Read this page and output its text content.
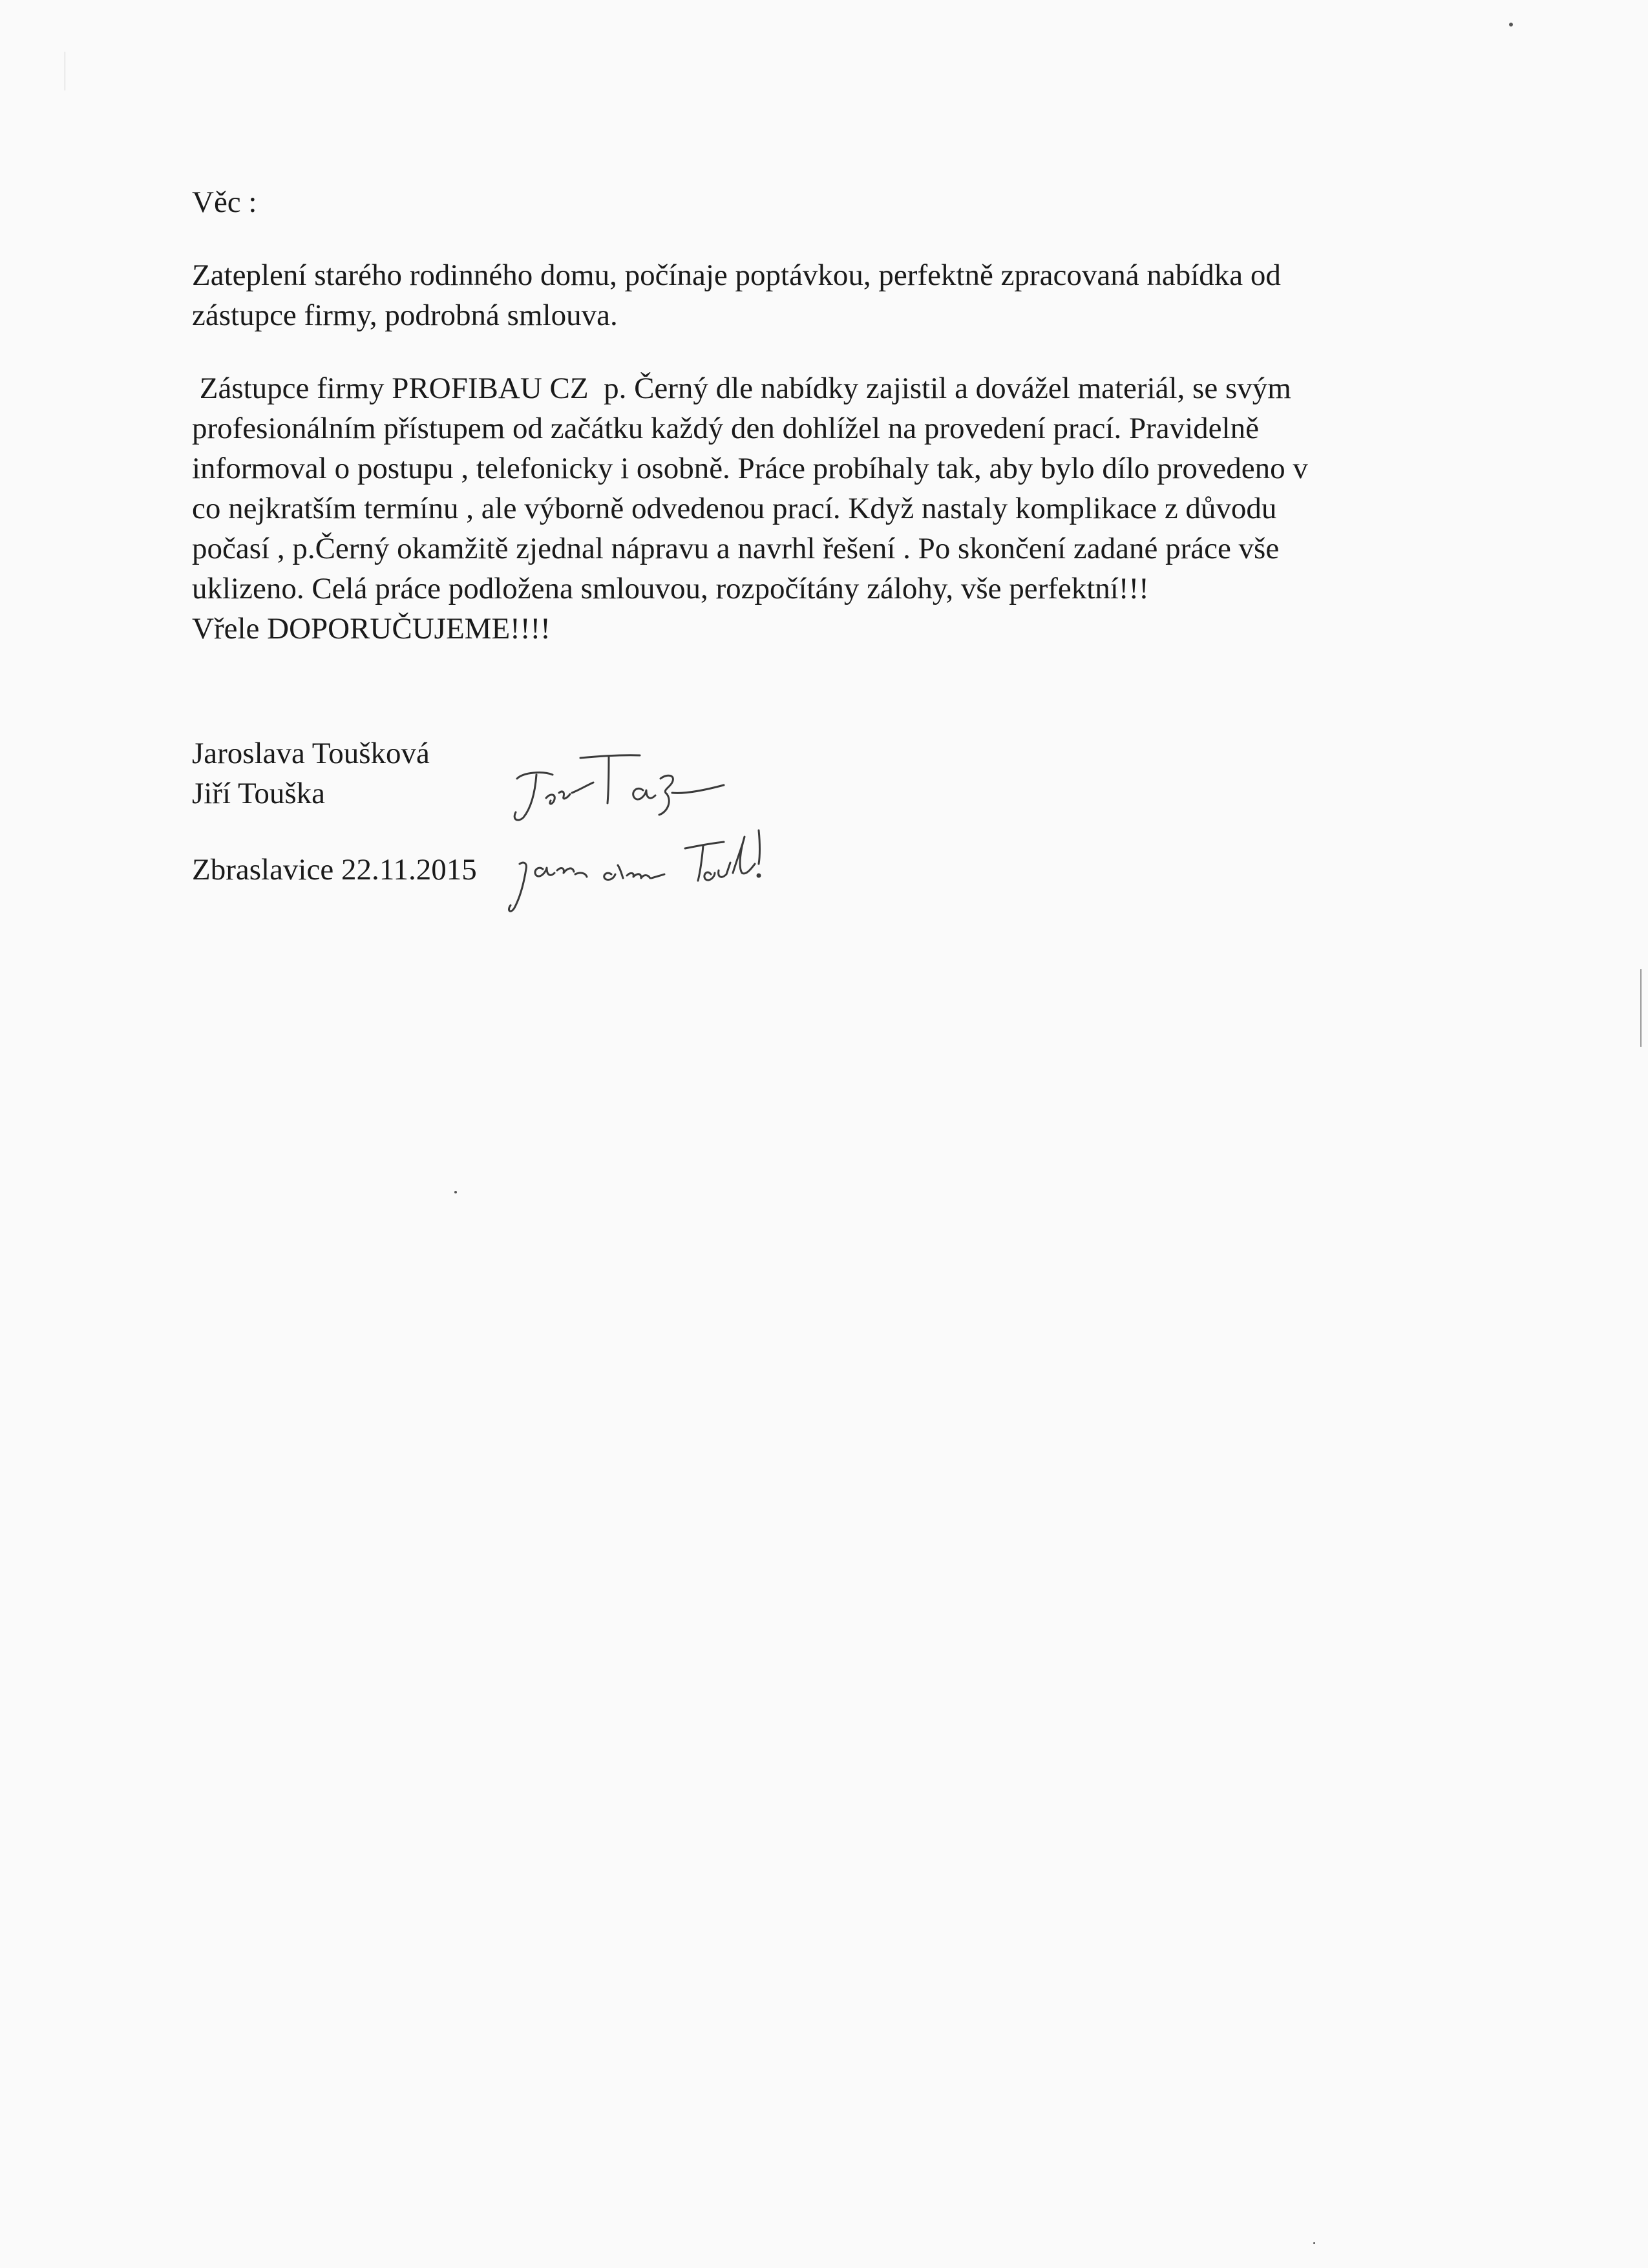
Věc :

Zateplení starého rodinného domu, počínaje poptávkou, perfektně zpracovaná nabídka od
zástupce firmy, podrobná smlouva.
Zástupce firmy PROFIBAU CZ  p. Černý dle nabídky zajistil a dovážel materiál, se svým
profesionálním přístupem od začátku každý den dohlížel na provedení prací. Pravidelně
informoval o postupu , telefonicky i osobně. Práce probíhaly tak, aby bylo dílo provedeno v
co nejkratším termínu , ale výborně odvedenou prací. Když nastaly komplikace z důvodu
počasí , p.Černý okamžitě zjednal nápravu a navrhl řešení . Po skončení zadané práce vše
uklizeno. Celá práce podložena smlouvou, rozpočítány zálohy, vše perfektní!!!
Vřele DOPORUČUJEME!!!!
Jaroslava Toušková
Jiří Touška

Zbraslavice 22.11.2015
